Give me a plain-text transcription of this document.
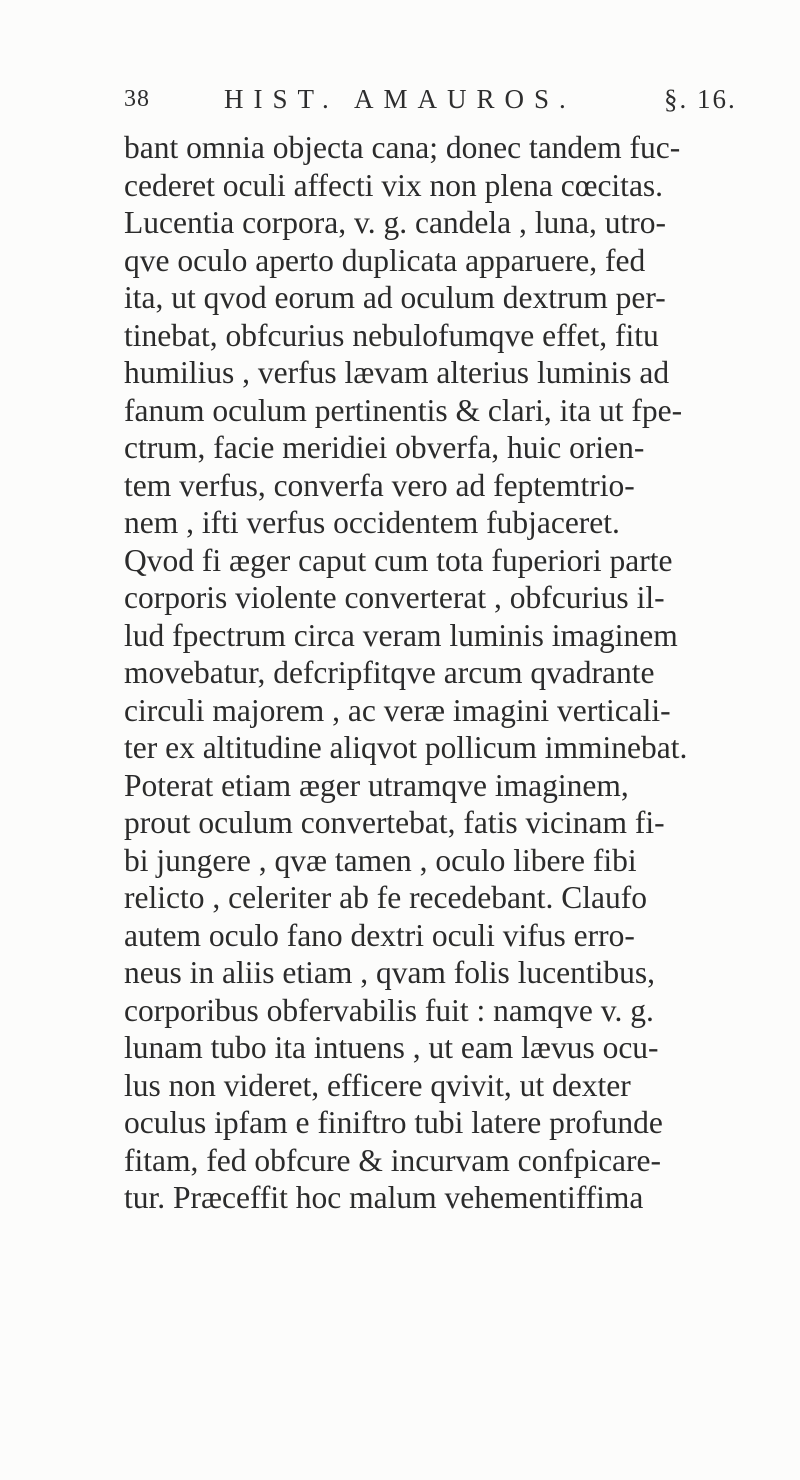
38	HIST. AMAUROS.	§. 16.
bant omnia objecta cana; donec tandem fuc-
cederet oculi affecti vix non plena cœcitas.
Lucentia corpora, v. g. candela , luna, utro-
qve oculo aperto duplicata apparuere, fed
ita, ut qvod eorum ad oculum dextrum per-
tinebat, obfcurius nebulofumqve effet, fitu
humilius , verfus lævam alterius luminis ad
fanum oculum pertinentis & clari, ita ut fpe-
ctrum, facie meridiei obverfa, huic orien-
tem verfus, converfa vero ad feptemtrio-
nem , ifti verfus occidentem fubjaceret.
Qvod fi æger caput cum tota fuperiori parte
corporis violente converterat , obfcurius il-
lud fpectrum circa veram luminis imaginem
movebatur, defcripfitqve arcum qvadrante
circuli majorem , ac veræ imagini verticali-
ter ex altitudine aliqvot pollicum imminebat.
Poterat etiam æger utramqve imaginem,
prout oculum convertebat, fatis vicinam fi-
bi jungere , qvæ tamen , oculo libere fibi
relicto , celeriter ab fe recedebant. Claufo
autem oculo fano dextri oculi vifus erro-
neus in aliis etiam , qvam folis lucentibus,
corporibus obfervabilis fuit : namqve v. g.
lunam tubo ita intuens , ut eam lævus ocu-
lus non videret, efficere qvivit, ut dexter
oculus ipfam e finiftro tubi latere profunde
fitam, fed obfcure & incurvam confpicare-
tur. Præceffit hoc malum vehementiffima
